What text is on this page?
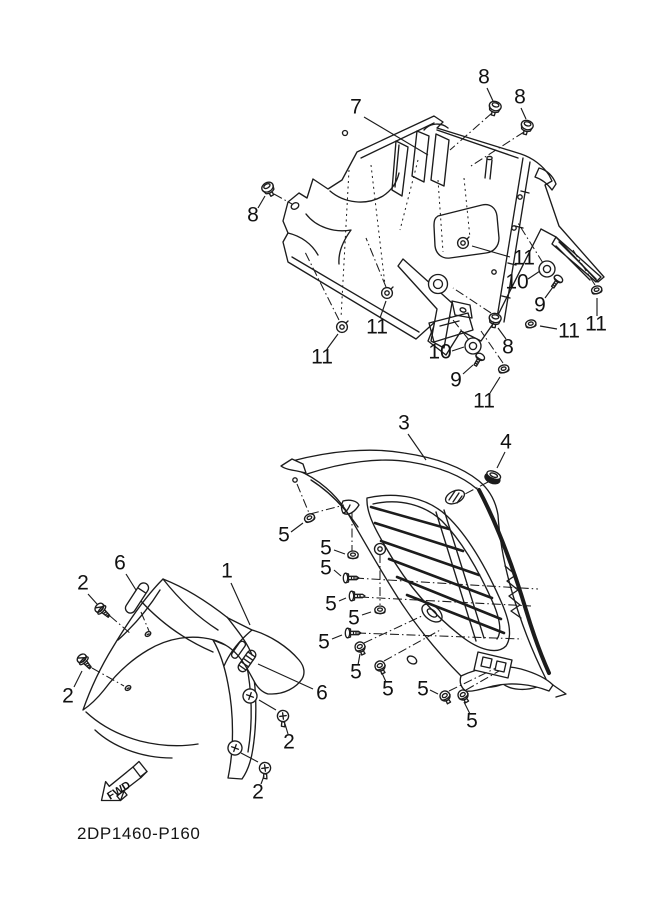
7
8
8
8
11
10
9
11
11
8
10
9
11
11
11
3
4
5
5
5
5
5
5
5
5 5
5
1
6
2
2	6
2
2
FWD
2DP1460-P160
